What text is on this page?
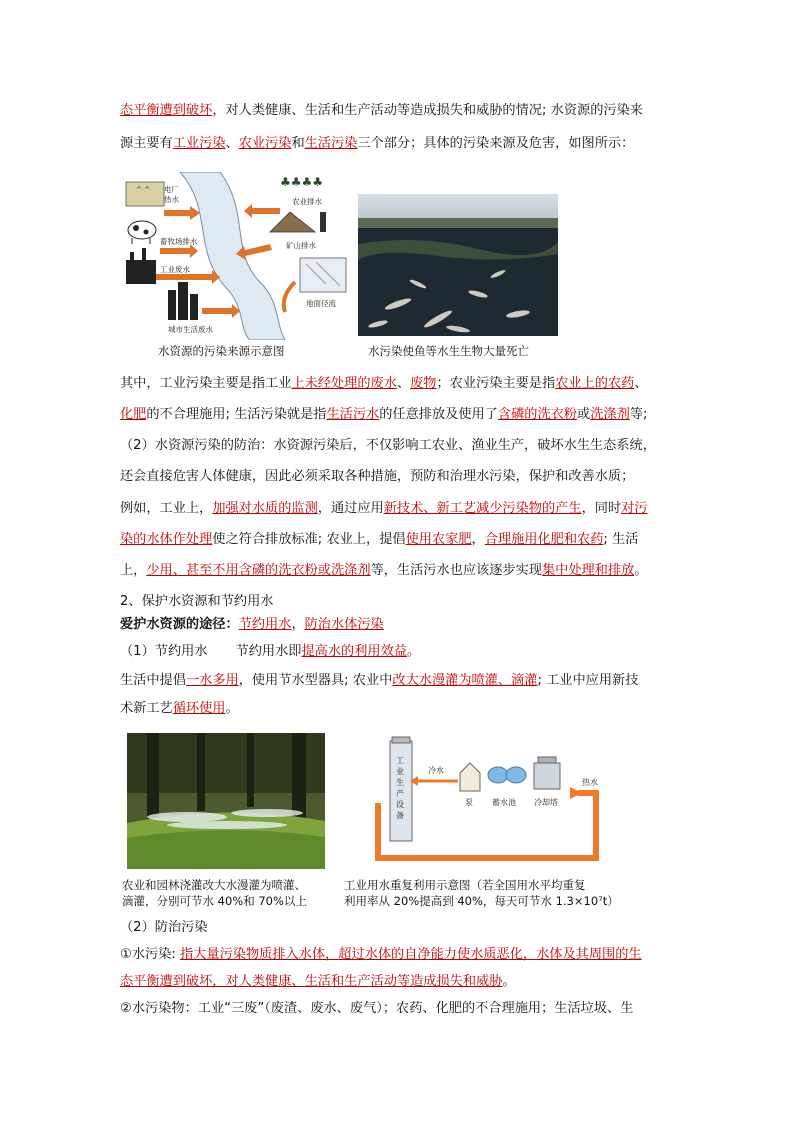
态平衡遭到破坏，对人类健康、生活和生产活动等造成损失和威胁的情况; 水资源的污染来
源主要有工业污染、农业污染和生活污染三个部分；具体的污染来源及危害，如图所示：
^ ^ 电厂
热水
畜牧场排水
工业废水
城市生活废水
♣♣♣♣
农业排水
矿山排水
地面径流
水资源的污染来源示意图	水污染使鱼等水生生物大量死亡
其中，工业污染主要是指工业上未经处理的废水、废物；农业污染主要是指农业上的农药、
化肥的不合理施用; 生活污染就是指生活污水的任意排放及使用了含磷的洗衣粉或洗涤剂等;
（2）水资源污染的防治：水资源污染后，不仅影响工农业、渔业生产，破坏水生生态系统，
还会直接危害人体健康，因此必须采取各种措施，预防和治理水污染，保护和改善水质；
例如，工业上，加强对水质的监测，通过应用新技术、新工艺减少污染物的产生，同时对污
染的水体作处理使之符合排放标准; 农业上，提倡使用农家肥，合理施用化肥和农药; 生活
上，少用、甚至不用含磷的洗衣粉或洗涤剂等，生活污水也应该逐步实现集中处理和排放。
2、保护水资源和节约用水
爱护水资源的途径：节约用水，防治水体污染
（1）节约用水 节约用水即提高水的利用效益。
生活中提倡一水多用，使用节水型器具; 农业中改大水漫灌为喷灌、滴灌; 工业中应用新技
术新工艺循环使用。
农业和园林浇灌改大水漫灌为喷灌、
滴灌，分别可节水 40%和 70%以上
工
业
生
产
设
备
冷水
泵 蓄水池 冷却塔
热水
工业用水重复利用示意图（若全国用水平均重复
利用率从 20%提高到 40%，每天可节水 1.3×10⁷t）
（2）防治污染
①水污染: 指大量污染物质排入水体，超过水体的自净能力使水质恶化，水体及其周围的生
态平衡遭到破坏，对人类健康、生活和生产活动等造成损失和威胁。
②水污染物：工业“三废”（废渣、废水、废气）；农药、化肥的不合理施用；生活垃圾、生
